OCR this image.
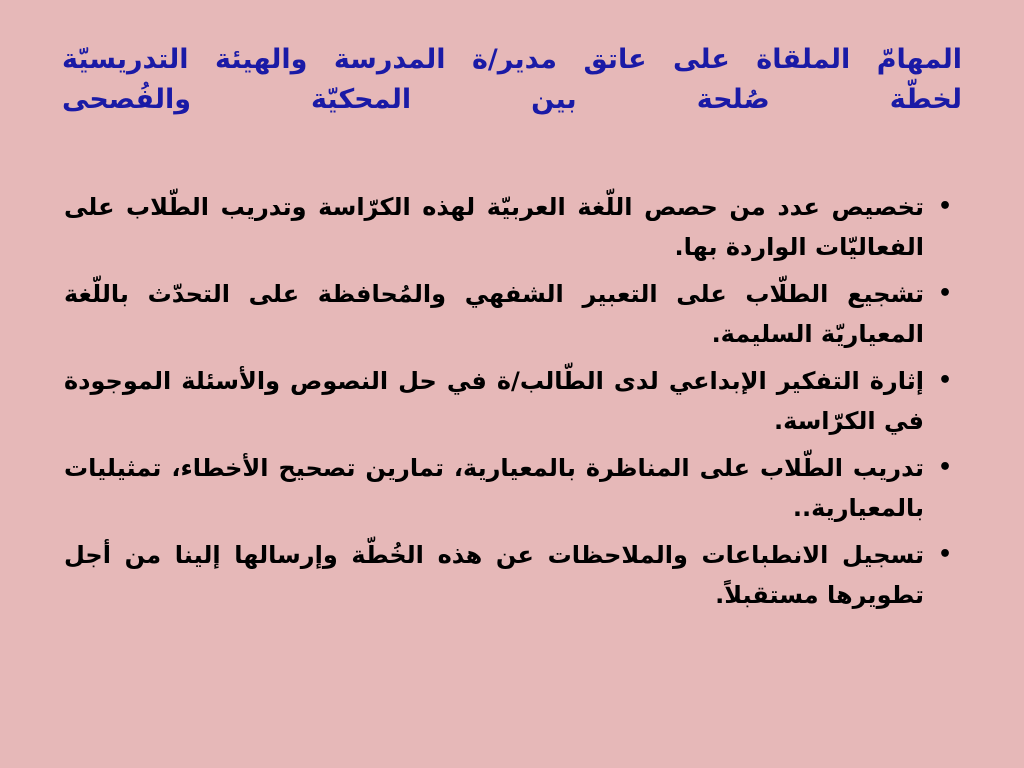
المهامّ الملقاة على عاتق مدير/ة المدرسة والهيئة التدريسيّة
لخطّة صُلحة بين المحكيّة والفُصحى
•
تخصيص عدد من حصص اللّغة العربيّة لهذه الكرّاسة وتدريب الطّلاب على الفعاليّات الواردة بها.
•
تشجيع الطلّاب على التعبير الشفهي والمُحافظة على التحدّث باللّغة المعياريّة السليمة.
•
إثارة التفكير الإبداعي لدى الطّالب/ة في حل النصوص والأسئلة الموجودة في الكرّاسة.
•
تدريب الطّلاب على المناظرة بالمعيارية، تمارين تصحيح الأخطاء، تمثيليات بالمعيارية..
•
تسجيل الانطباعات والملاحظات عن هذه الخُطّة وإرسالها إلينا من أجل تطويرها مستقبلاً.
